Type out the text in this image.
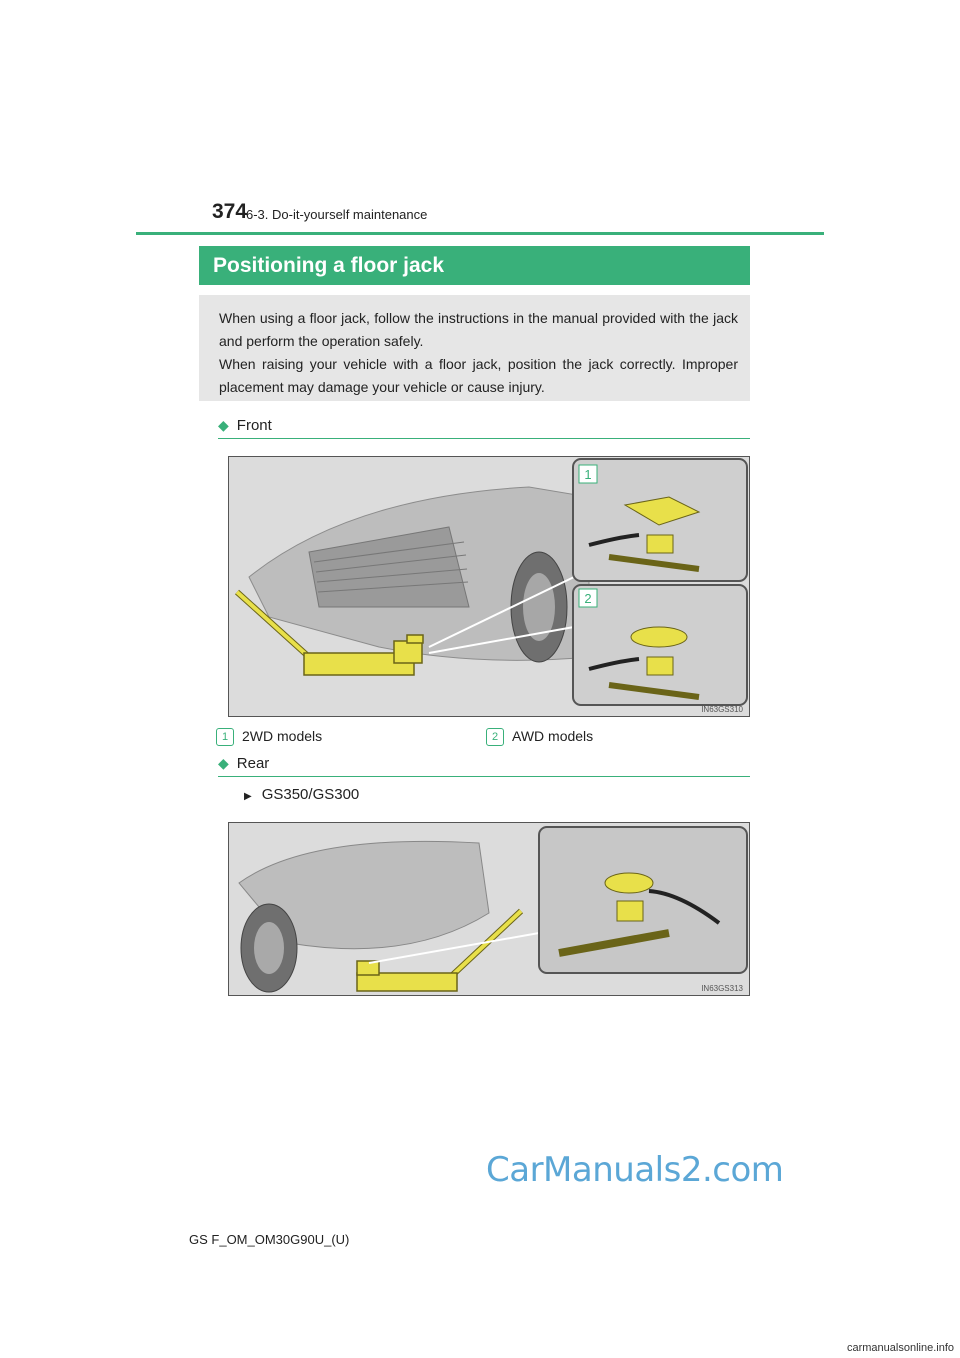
374
6-3. Do-it-yourself maintenance
Positioning a floor jack

When using a floor jack, follow the instructions in the manual provided with the jack and perform the operation safely.

When raising your vehicle with a floor jack, position the jack correctly. Improper placement may damage your vehicle or cause injury.

◆ Front
1
2
IN63GS310
1 2WD models	2 AWD models
◆ Rear
▶ GS350/GS300
IN63GS313
CarManuals2.com
carmanualsonline.info
GS F_OM_OM30G90U_(U)
